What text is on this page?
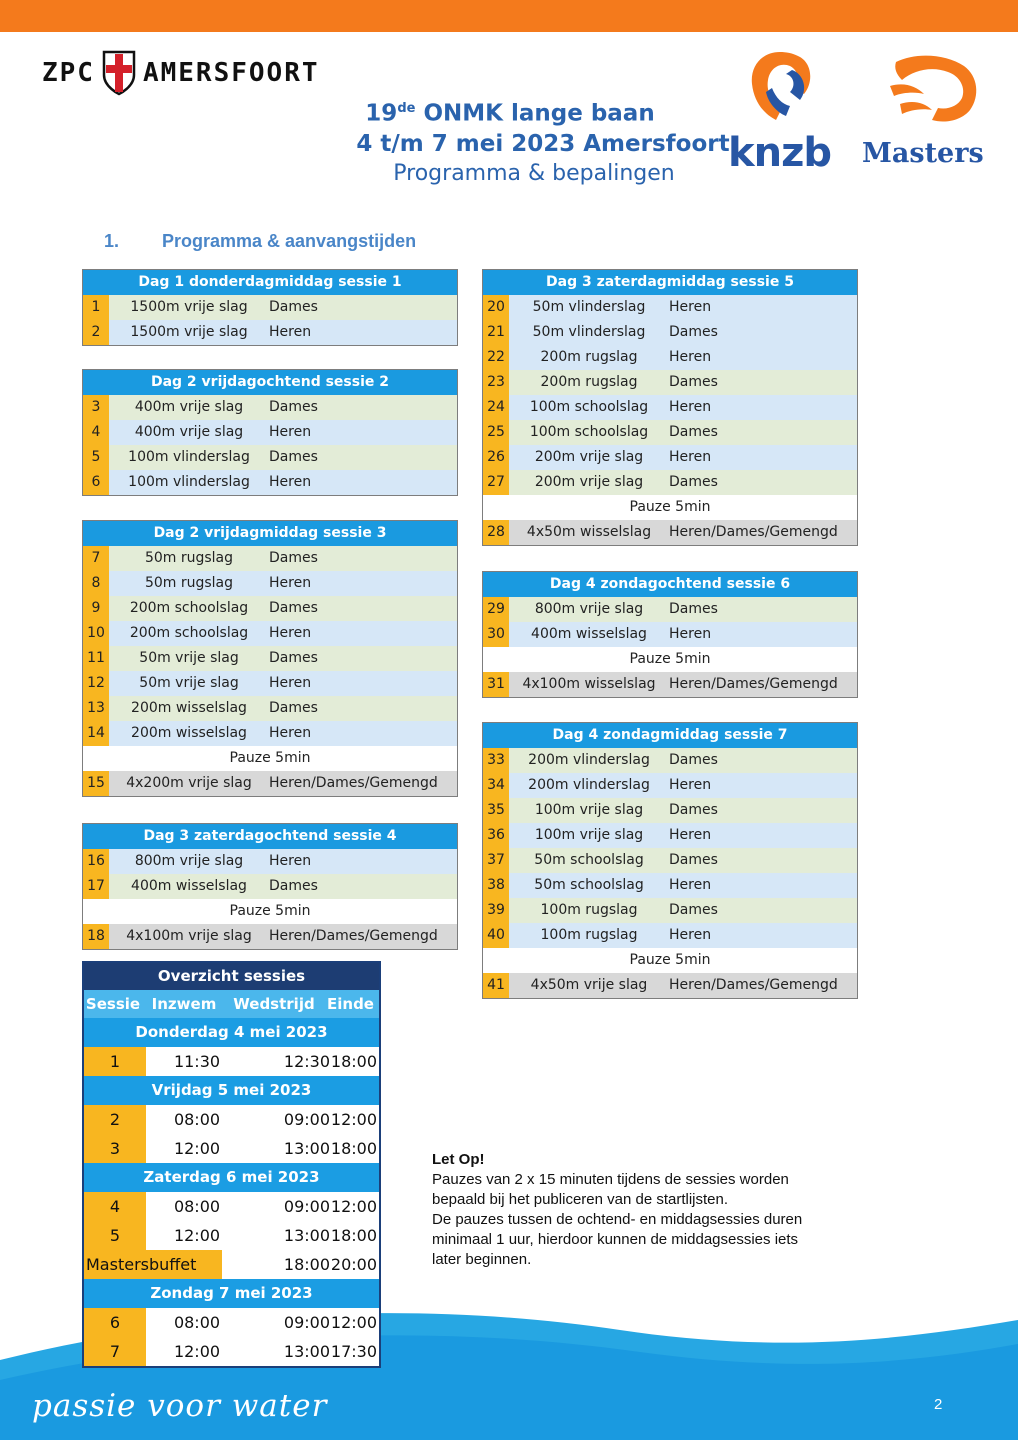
ZPC AMERSFOORT
19de ONMK lange baan
4 t/m 7 mei 2023 Amersfoort
Programma & bepalingen	knzb Masters
1. Programma & aanvangstijden
Dag 1 donderdagmiddag sessie 1
1	1500m vrije slag	Dames
2	1500m vrije slag	Heren
Dag 2 vrijdagochtend sessie 2
3	400m vrije slag	Dames
4	400m vrije slag	Heren
5	100m vlinderslag	Dames
6	100m vlinderslag	Heren
Dag 2 vrijdagmiddag sessie 3
7	50m rugslag	Dames
8	50m rugslag	Heren
9	200m schoolslag	Dames
10	200m schoolslag	Heren
11	50m vrije slag	Dames
12	50m vrije slag	Heren
13	200m wisselslag	Dames
14	200m wisselslag	Heren
Pauze 5min
15	4x200m vrije slag	Heren/Dames/Gemengd
Dag 3 zaterdagochtend sessie 4
16	800m vrije slag	Heren
17	400m wisselslag	Dames
Pauze 5min
18	4x100m vrije slag	Heren/Dames/Gemengd
Dag 3 zaterdagmiddag sessie 5
20	50m vlinderslag	Heren
21	50m vlinderslag	Dames
22	200m rugslag	Heren
23	200m rugslag	Dames
24	100m schoolslag	Heren
25	100m schoolslag	Dames
26	200m vrije slag	Heren
27	200m vrije slag	Dames
Pauze 5min
28	4x50m wisselslag	Heren/Dames/Gemengd
Dag 4 zondagochtend sessie 6
29	800m vrije slag	Dames
30	400m wisselslag	Heren
Pauze 5min
31	4x100m wisselslag Heren/Dames/Gemengd
Dag 4 zondagmiddag sessie 7
33	200m vlinderslag	Dames
34	200m vlinderslag	Heren
35	100m vrije slag	Dames
36	100m vrije slag	Heren
37	50m schoolslag	Dames
38	50m schoolslag	Heren
39	100m rugslag	Dames
40	100m rugslag	Heren
Pauze 5min
41	4x50m vrije slag	Heren/Dames/Gemengd
Overzicht sessies
Sessie Inzwem	Wedstrijd Einde
Donderdag 4 mei 2023
1	11:30	12:30 18:00
Vrijdag 5 mei 2023
2	08:00	09:00 12:00
3	12:00	13:00 18:00
Zaterdag 6 mei 2023
4	08:00	09:00 12:00
5	12:00	13:00 18:00
Mastersbuffet	18:00 20:00
Zondag 7 mei 2023
6	08:00	09:00 12:00
7	12:00	13:00 17:30
Let Op!
Pauzes van 2 x 15 minuten tijdens de sessies worden
bepaald bij het publiceren van de startlijsten.
De pauzes tussen de ochtend- en middagsessies duren
minimaal 1 uur, hierdoor kunnen de middagsessies iets
later beginnen.
passie voor water	2
